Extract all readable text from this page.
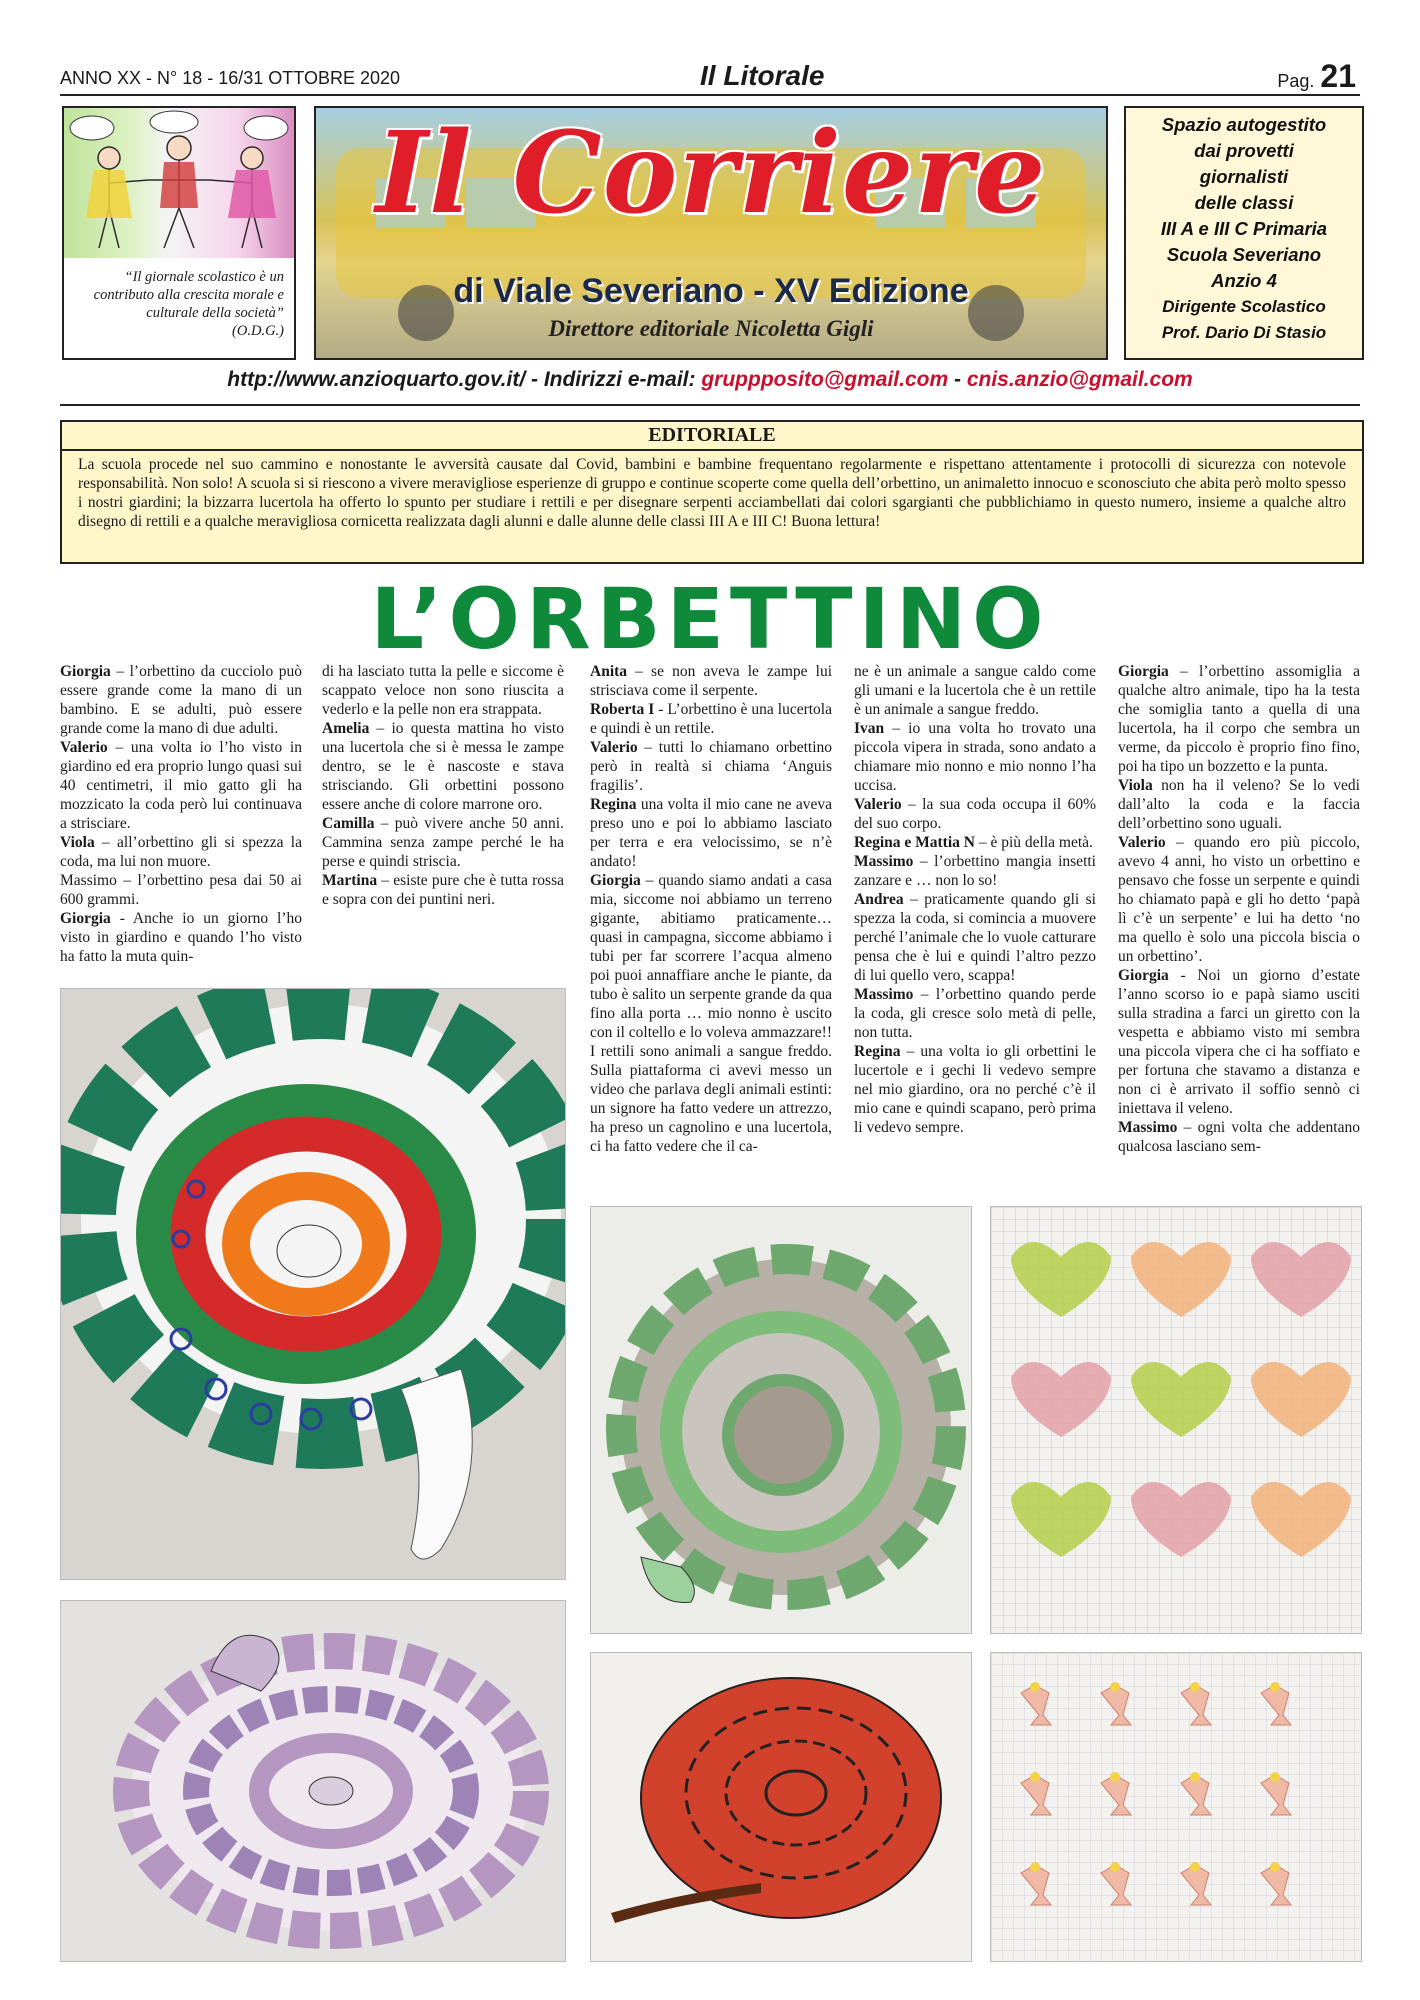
ANNO XX - N° 18 - 16/31 OTTOBRE 2020	Il Litorale	Pag. 21
“Il giornale scolastico è un contributo alla crescita morale e culturale della società”
(O.D.G.)
Il Corriere
di Viale Severiano - XV Edizione
Direttore editoriale Nicoletta Gigli
Spazio autogestito
dai provetti
giornalisti
delle classi
III A e III C Primaria
Scuola Severiano
Anzio 4
Dirigente Scolastico
Prof. Dario Di Stasio
http://www.anzioquarto.gov.it/ - Indirizzi e-mail: gruppposito@gmail.com - cnis.anzio@gmail.com
EDITORIALE

La scuola procede nel suo cammino e nonostante le avversità causate dal Covid, bambini e bambine frequentano regolarmente e rispettano attentamente i protocolli di sicurezza con notevole responsabilità. Non solo! A scuola si si riescono a vivere meravigliose esperienze di gruppo e continue scoperte come quella dell’orbettino, un animaletto innocuo e sconosciuto che abita però molto spesso i nostri giardini; la bizzarra lucertola ha offerto lo spunto per studiare i rettili e per disegnare serpenti acciambellati dai colori sgargianti che pubblichiamo in questo numero, insieme a qualche altro disegno di rettili e a qualche meravigliosa cornicetta realizzata dagli alunni e dalle alunne delle classi III A e III C! Buona lettura!

L’ORBETTINO

Giorgia – l’orbettino da cucciolo può essere grande come la mano di un bambino. E se adulti, può essere grande come la mano di due adulti.

Valerio – una volta io l’ho visto in giardino ed era proprio lungo quasi sui 40 centimetri, il mio gatto gli ha mozzicato la coda però lui continuava a strisciare.

Viola – all’orbettino gli si spezza la coda, ma lui non muore.

Massimo – l’orbettino pesa dai 50 ai 600 grammi.

Giorgia - Anche io un giorno l’ho visto in giardino e quando l’ho visto ha fatto la muta quin-

di ha lasciato tutta la pelle e siccome è scappato veloce non sono riuscita a vederlo e la pelle non era strappata.

Amelia – io questa mattina ho visto una lucertola che si è messa le zampe dentro, se le è nascoste e stava strisciando. Gli orbettini possono essere anche di colore marrone oro.

Camilla – può vivere anche 50 anni. Cammina senza zampe perché le ha perse e quindi striscia.

Martina – esiste pure che è tutta rossa e sopra con dei puntini neri.

Anita – se non aveva le zampe lui strisciava come il serpente.

Roberta I - L’orbettino è una lucertola e quindi è un rettile.

Valerio – tutti lo chiamano orbettino però in realtà si chiama ‘Anguis fragilis’.

Regina una volta il mio cane ne aveva preso uno e poi lo abbiamo lasciato per terra e era velocissimo, se n’è andato!

Giorgia – quando siamo andati a casa mia, siccome noi abbiamo un terreno gigante, abitiamo praticamente… quasi in campagna, siccome abbiamo i tubi per far scorrere l’acqua almeno poi puoi annaffiare anche le piante, da tubo è salito un serpente grande da qua fino alla porta … mio nonno è uscito con il coltello e lo voleva ammazzare!! I rettili sono animali a sangue freddo. Sulla piattaforma ci avevi messo un video che parlava degli animali estinti: un signore ha fatto vedere un attrezzo, ha preso un cagnolino e una lucertola, ci ha fatto vedere che il ca-

ne è un animale a sangue caldo come gli umani e la lucertola che è un rettile è un animale a sangue freddo.

Ivan – io una volta ho trovato una piccola vipera in strada, sono andato a chiamare mio nonno e mio nonno l’ha uccisa.

Valerio – la sua coda occupa il 60% del suo corpo.

Regina e Mattia N – è più della metà.

Massimo – l’orbettino mangia insetti zanzare e … non lo so!

Andrea – praticamente quando gli si spezza la coda, si comincia a muovere perché l’animale che lo vuole catturare pensa che è lui e quindi l’altro pezzo di lui quello vero, scappa!

Massimo – l’orbettino quando perde la coda, gli cresce solo metà di pelle, non tutta.

Regina – una volta io gli orbettini le lucertole e i gechi li vedevo sempre nel mio giardino, ora no perché c’è il mio cane e quindi scapano, però prima li vedevo sempre.

Giorgia – l’orbettino assomiglia a qualche altro animale, tipo ha la testa che somiglia tanto a quella di una lucertola, ha il corpo che sembra un verme, da piccolo è proprio fino fino, poi ha tipo un bozzetto e la punta.

Viola non ha il veleno? Se lo vedi dall’alto la coda e la faccia dell’orbettino sono uguali.

Valerio – quando ero più piccolo, avevo 4 anni, ho visto un orbettino e pensavo che fosse un serpente e quindi ho chiamato papà e gli ho detto ‘papà lì c’è un serpente’ e lui ha detto ‘no ma quello è solo una piccola biscia o un orbettino’.

Giorgia - Noi un giorno d’estate l’anno scorso io e papà siamo usciti sulla stradina a farci un giretto con la vespetta e abbiamo visto mi sembra una piccola vipera che ci ha soffiato e per fortuna che stavamo a distanza e non ci è arrivato il soffio sennò ci iniettava il veleno.

Massimo – ogni volta che addentano qualcosa lasciano sem-
